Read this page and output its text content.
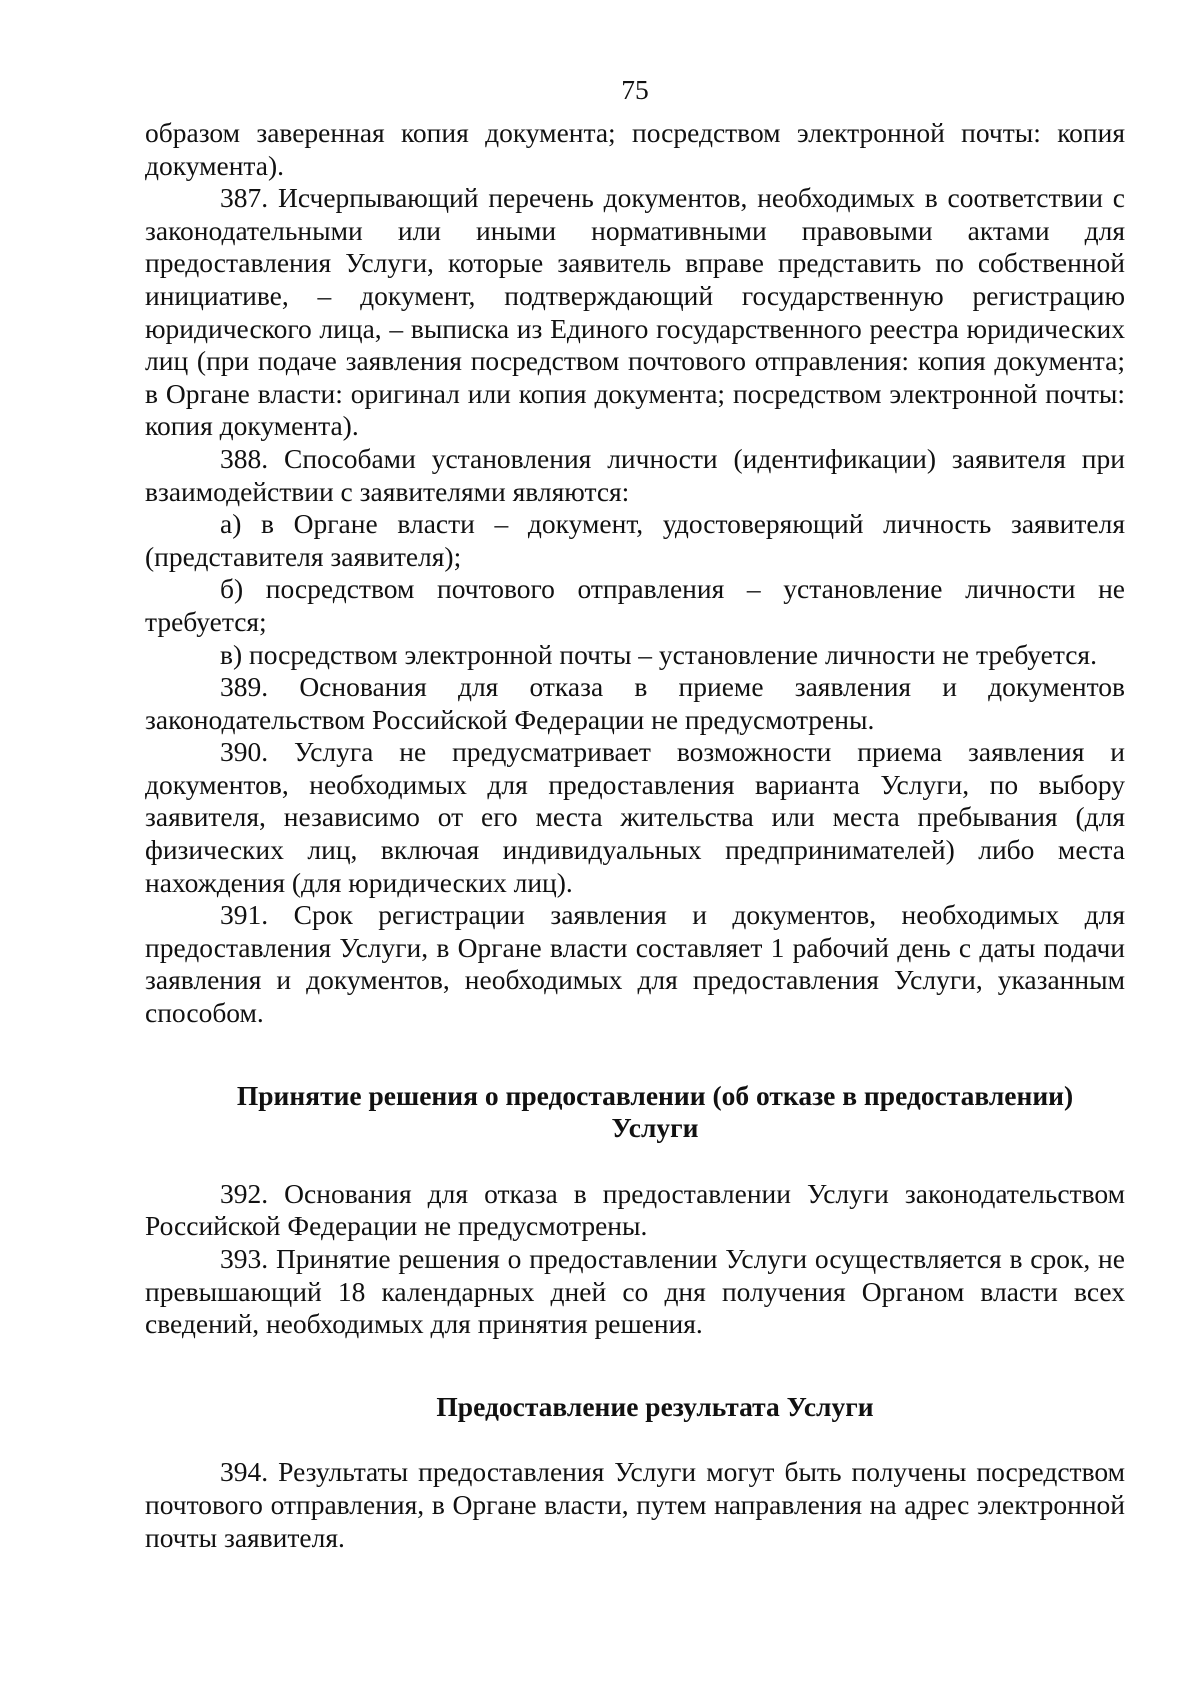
75

образом заверенная копия документа; посредством электронной почты: копия документа).

387. Исчерпывающий перечень документов, необходимых в соответствии с законодательными или иными нормативными правовыми актами для предоставления Услуги, которые заявитель вправе представить по собственной инициативе, – документ, подтверждающий государственную регистрацию юридического лица, – выписка из Единого государственного реестра юридических лиц (при подаче заявления посредством почтового отправления: копия документа; в Органе власти: оригинал или копия документа; посредством электронной почты: копия документа).

388. Способами установления личности (идентификации) заявителя при взаимодействии с заявителями являются:

а) в Органе власти – документ, удостоверяющий личность заявителя (представителя заявителя);

б) посредством почтового отправления – установление личности не требуется;

в) посредством электронной почты – установление личности не требуется.

389. Основания для отказа в приеме заявления и документов законодательством Российской Федерации не предусмотрены.

390. Услуга не предусматривает возможности приема заявления и документов, необходимых для предоставления варианта Услуги, по выбору заявителя, независимо от его места жительства или места пребывания (для физических лиц, включая индивидуальных предпринимателей) либо места нахождения (для юридических лиц).

391. Срок регистрации заявления и документов, необходимых для предоставления Услуги, в Органе власти составляет 1 рабочий день с даты подачи заявления и документов, необходимых для предоставления Услуги, указанным способом.

Принятие решения о предоставлении (об отказе в предоставлении)
Услуги

392. Основания для отказа в предоставлении Услуги законодательством Российской Федерации не предусмотрены.

393. Принятие решения о предоставлении Услуги осуществляется в срок, не превышающий 18 календарных дней со дня получения Органом власти всех сведений, необходимых для принятия решения.

Предоставление результата Услуги

394. Результаты предоставления Услуги могут быть получены посредством почтового отправления, в Органе власти, путем направления на адрес электронной почты заявителя.
